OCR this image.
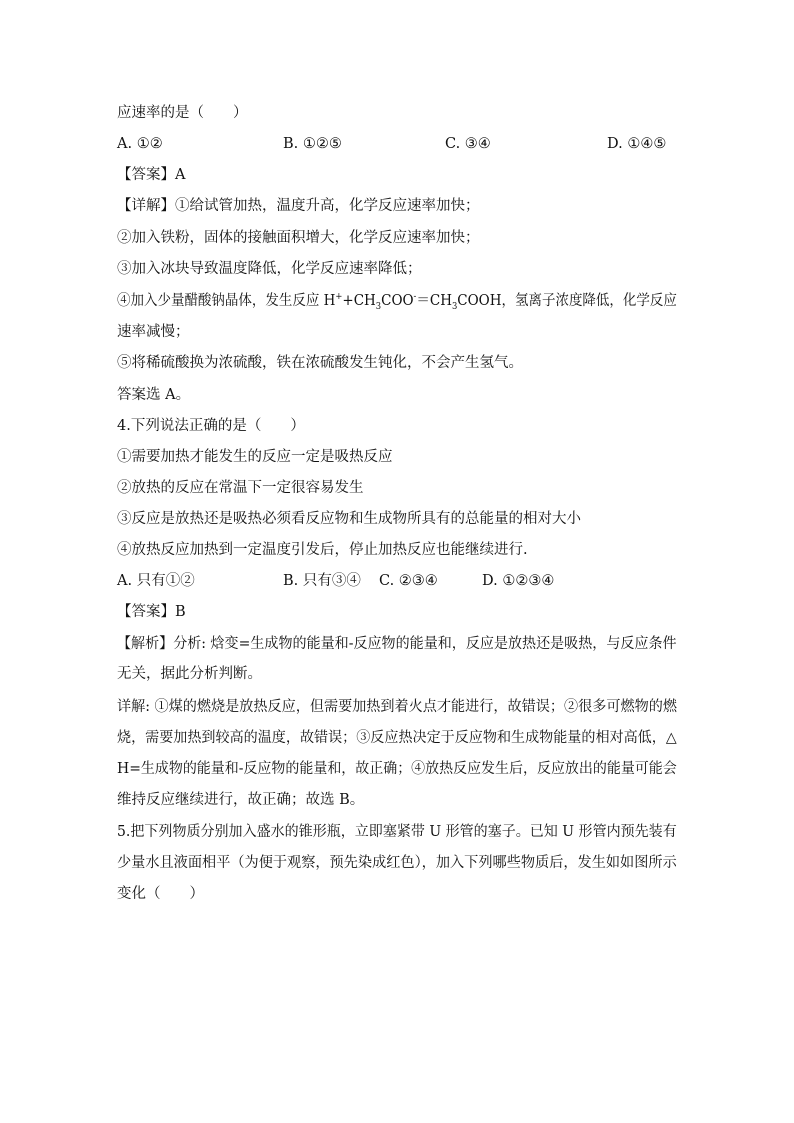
应速率的是（　　）
A. ①②	B. ①②⑤	C. ③④	D. ①④⑤
【答案】A
【详解】①给试管加热，温度升高，化学反应速率加快；
②加入铁粉，固体的接触面积增大，化学反应速率加快；
③加入冰块导致温度降低，化学反应速率降低；
④加入少量醋酸钠晶体，发生反应 $H^++CH_3COO^-=CH_3COOH$，氢离子浓度降低，化学反应
速率减慢；
⑤将稀硫酸换为浓硫酸，铁在浓硫酸发生钝化，不会产生氢气。
答案选 A。
4.下列说法正确的是（　　）
①需要加热才能发生的反应一定是吸热反应
②放热的反应在常温下一定很容易发生
③反应是放热还是吸热必须看反应物和生成物所具有的总能量的相对大小
④放热反应加热到一定温度引发后，停止加热反应也能继续进行.
A. 只有①②	B. 只有③④ C. ②③④	D. ①②③④
【答案】B
【解析】分析: 焓变=生成物的能量和-反应物的能量和，反应是放热还是吸热，与反应条件
无关，据此分析判断。
详解: ①煤的燃烧是放热反应，但需要加热到着火点才能进行，故错误；②很多可燃物的燃
烧，需要加热到较高的温度，故错误；③反应热决定于反应物和生成物能量的相对高低，△
H=生成物的能量和-反应物的能量和，故正确；④放热反应发生后，反应放出的能量可能会
维持反应继续进行，故正确；故选 B。
5.把下列物质分别加入盛水的锥形瓶，立即塞紧带 U 形管的塞子。已知 U 形管内预先装有
少量水且液面相平（为便于观察，预先染成红色），加入下列哪些物质后，发生如如图所示
变化（　　）
